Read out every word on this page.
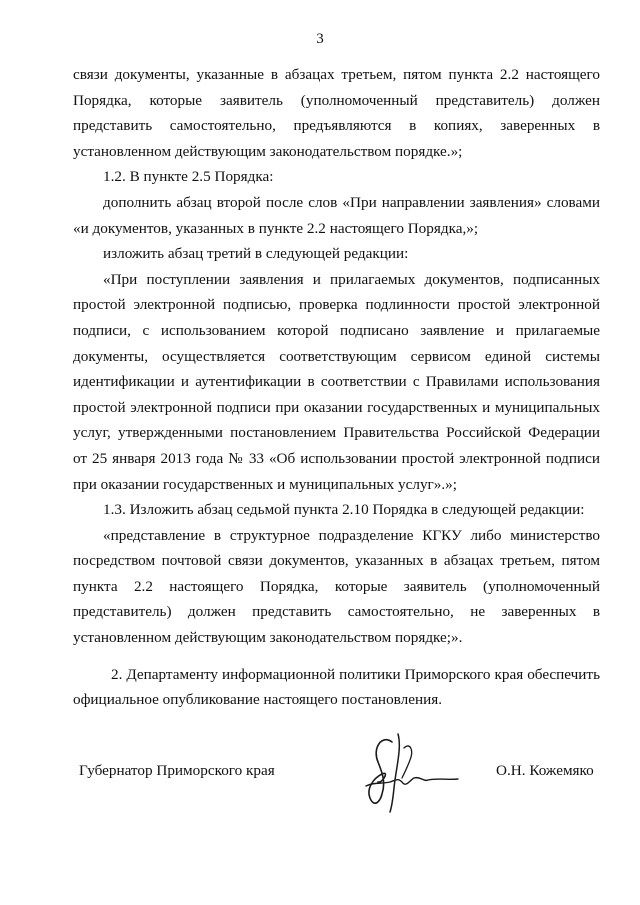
3

связи документы, указанные в абзацах третьем, пятом пункта 2.2 настоящего Порядка, которые заявитель (уполномоченный представитель) должен представить самостоятельно, предъявляются в копиях, заверенных в установленном действующим законодательством порядке.»;

1.2. В пункте 2.5 Порядка:

дополнить абзац второй после слов «При направлении заявления» словами «и документов, указанных в пункте 2.2 настоящего Порядка,»;

изложить абзац третий в следующей редакции:

«При поступлении заявления и прилагаемых документов, подписанных простой электронной подписью, проверка подлинности простой электронной подписи, с использованием которой подписано заявление и прилагаемые документы, осуществляется соответствующим сервисом единой системы идентификации и аутентификации в соответствии с Правилами использования простой электронной подписи при оказании государственных и муниципальных услуг, утвержденными постановлением Правительства Российской Федерации от 25 января 2013 года № 33 «Об использовании простой электронной подписи при оказании государственных и муниципальных услуг».»;

1.3. Изложить абзац седьмой пункта 2.10 Порядка в следующей редакции:

«представление в структурное подразделение КГКУ либо министерство посредством почтовой связи документов, указанных в абзацах третьем, пятом пункта 2.2 настоящего Порядка, которые заявитель (уполномоченный представитель) должен представить самостоятельно, не заверенных в установленном действующим законодательством порядке;».

2. Департаменту информационной политики Приморского края обеспечить официальное опубликование настоящего постановления.

Губернатор Приморского края	О.Н. Кожемяко
